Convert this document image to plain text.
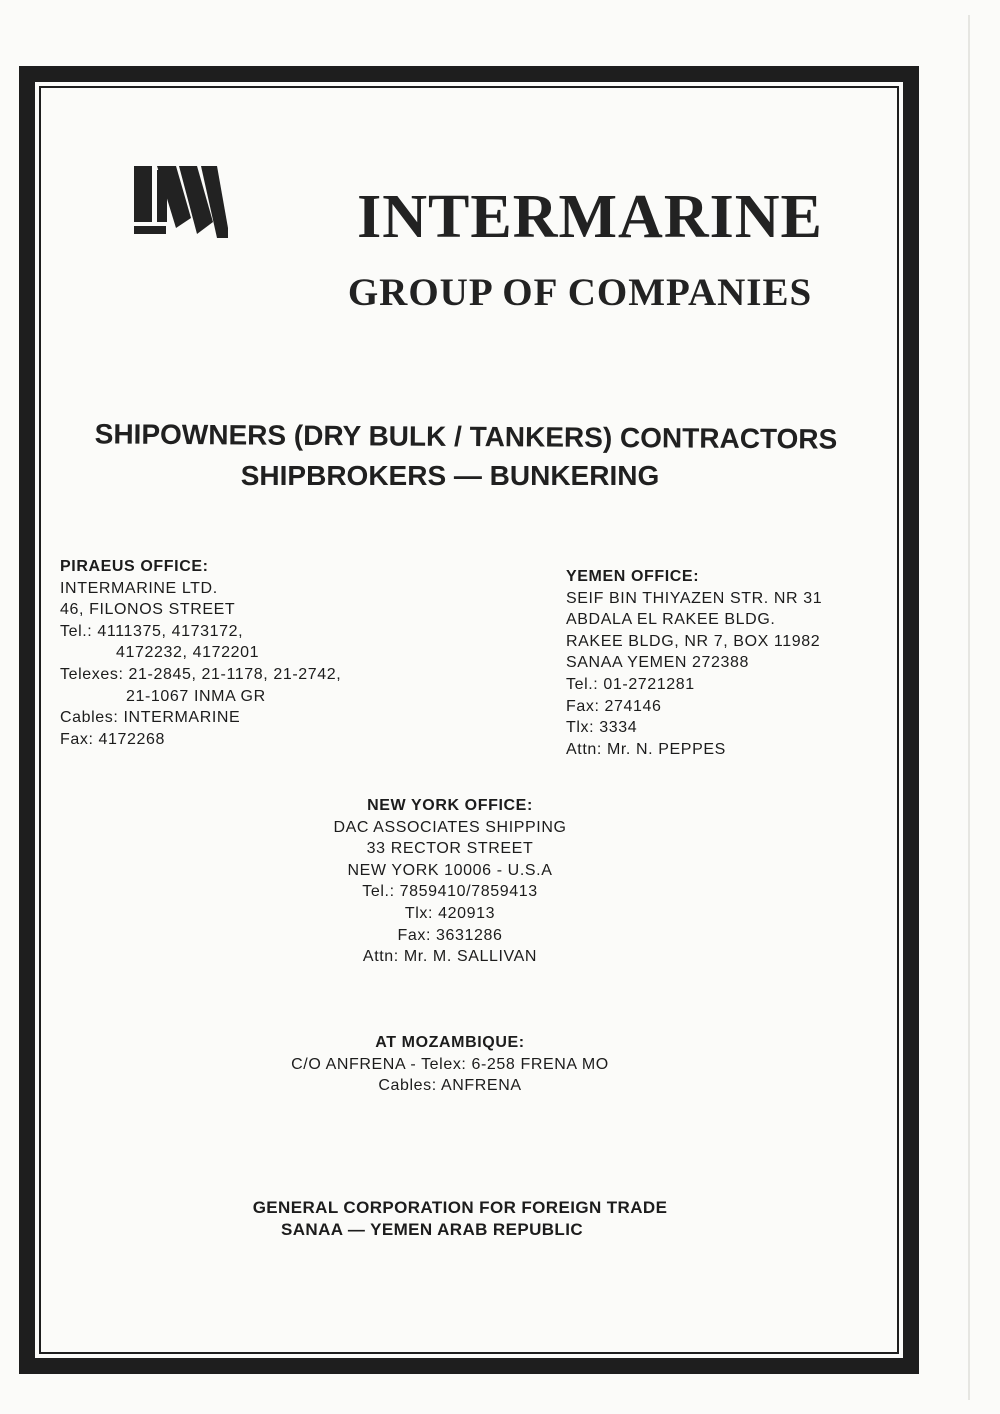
INTERMARINE
GROUP OF COMPANIES

SHIPOWNERS (DRY BULK / TANKERS) CONTRACTORS

SHIPBROKERS — BUNKERING

PIRAEUS OFFICE:
INTERMARINE LTD.
46, FILONOS STREET
Tel.: 4111375, 4173172,
4172232, 4172201
Telexes: 21-2845, 21-1178, 21-2742,
21-1067 INMA GR
Cables: INTERMARINE
Fax: 4172268
YEMEN OFFICE:
SEIF BIN THIYAZEN STR. NR 31
ABDALA EL RAKEE BLDG.
RAKEE BLDG, NR 7, BOX 11982
SANAA YEMEN 272388
Tel.: 01-2721281
Fax: 274146
Tlx: 3334
Attn: Mr. N. PEPPES
NEW YORK OFFICE:
DAC ASSOCIATES SHIPPING
33 RECTOR STREET
NEW YORK 10006 - U.S.A
Tel.: 7859410/7859413
Tlx: 420913
Fax: 3631286
Attn: Mr. M. SALLIVAN
AT MOZAMBIQUE:
C/O ANFRENA - Telex: 6-258 FRENA MO
Cables: ANFRENA
GENERAL CORPORATION FOR FOREIGN TRADE
SANAA — YEMEN ARAB REPUBLIC
